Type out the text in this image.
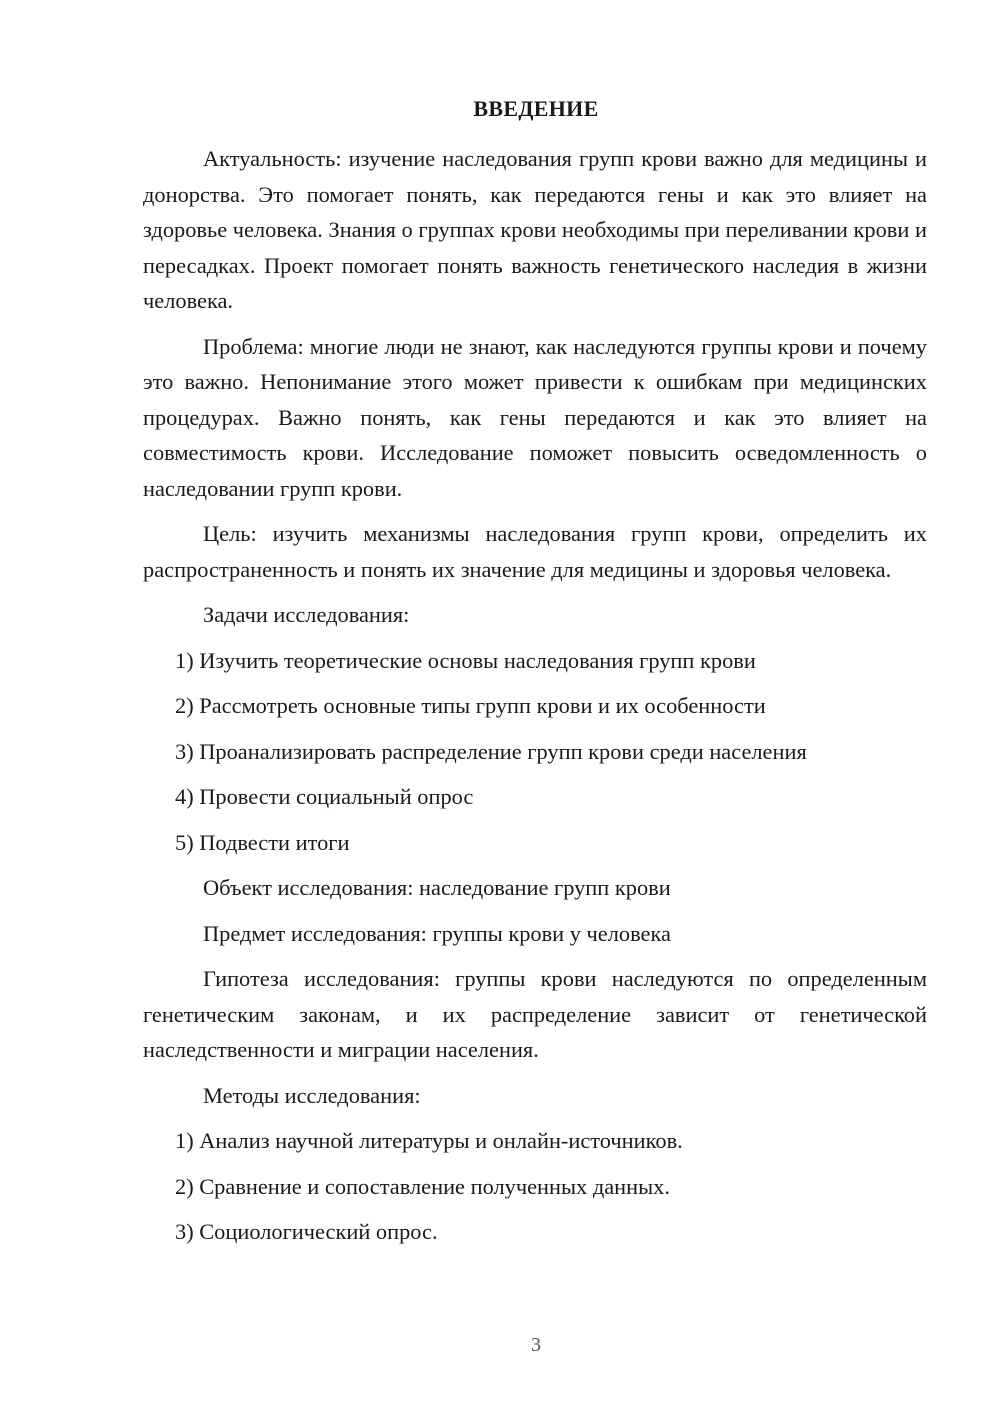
ВВЕДЕНИЕ

Актуальность: изучение наследования групп крови важно для медицины и донорства. Это помогает понять, как передаются гены и как это влияет на здоровье человека. Знания о группах крови необходимы при переливании крови и пересадках. Проект помогает понять важность генетического наследия в жизни человека.

Проблема: многие люди не знают, как наследуются группы крови и почему это важно. Непонимание этого может привести к ошибкам при медицинских процедурах. Важно понять, как гены передаются и как это влияет на совместимость крови. Исследование поможет повысить осведомленность о наследовании групп крови.

Цель: изучить механизмы наследования групп крови, определить их распространенность и понять их значение для медицины и здоровья человека.

Задачи исследования:

1) Изучить теоретические основы наследования групп крови

2) Рассмотреть основные типы групп крови и их особенности

3) Проанализировать распределение групп крови среди населения

4) Провести социальный опрос

5) Подвести итоги

Объект исследования: наследование групп крови

Предмет исследования: группы крови у человека

Гипотеза исследования: группы крови наследуются по определенным генетическим законам, и их распределение зависит от генетической наследственности и миграции населения.

Методы исследования:

1) Анализ научной литературы и онлайн-источников.

2) Сравнение и сопоставление полученных данных.

3) Социологический опрос.

3
